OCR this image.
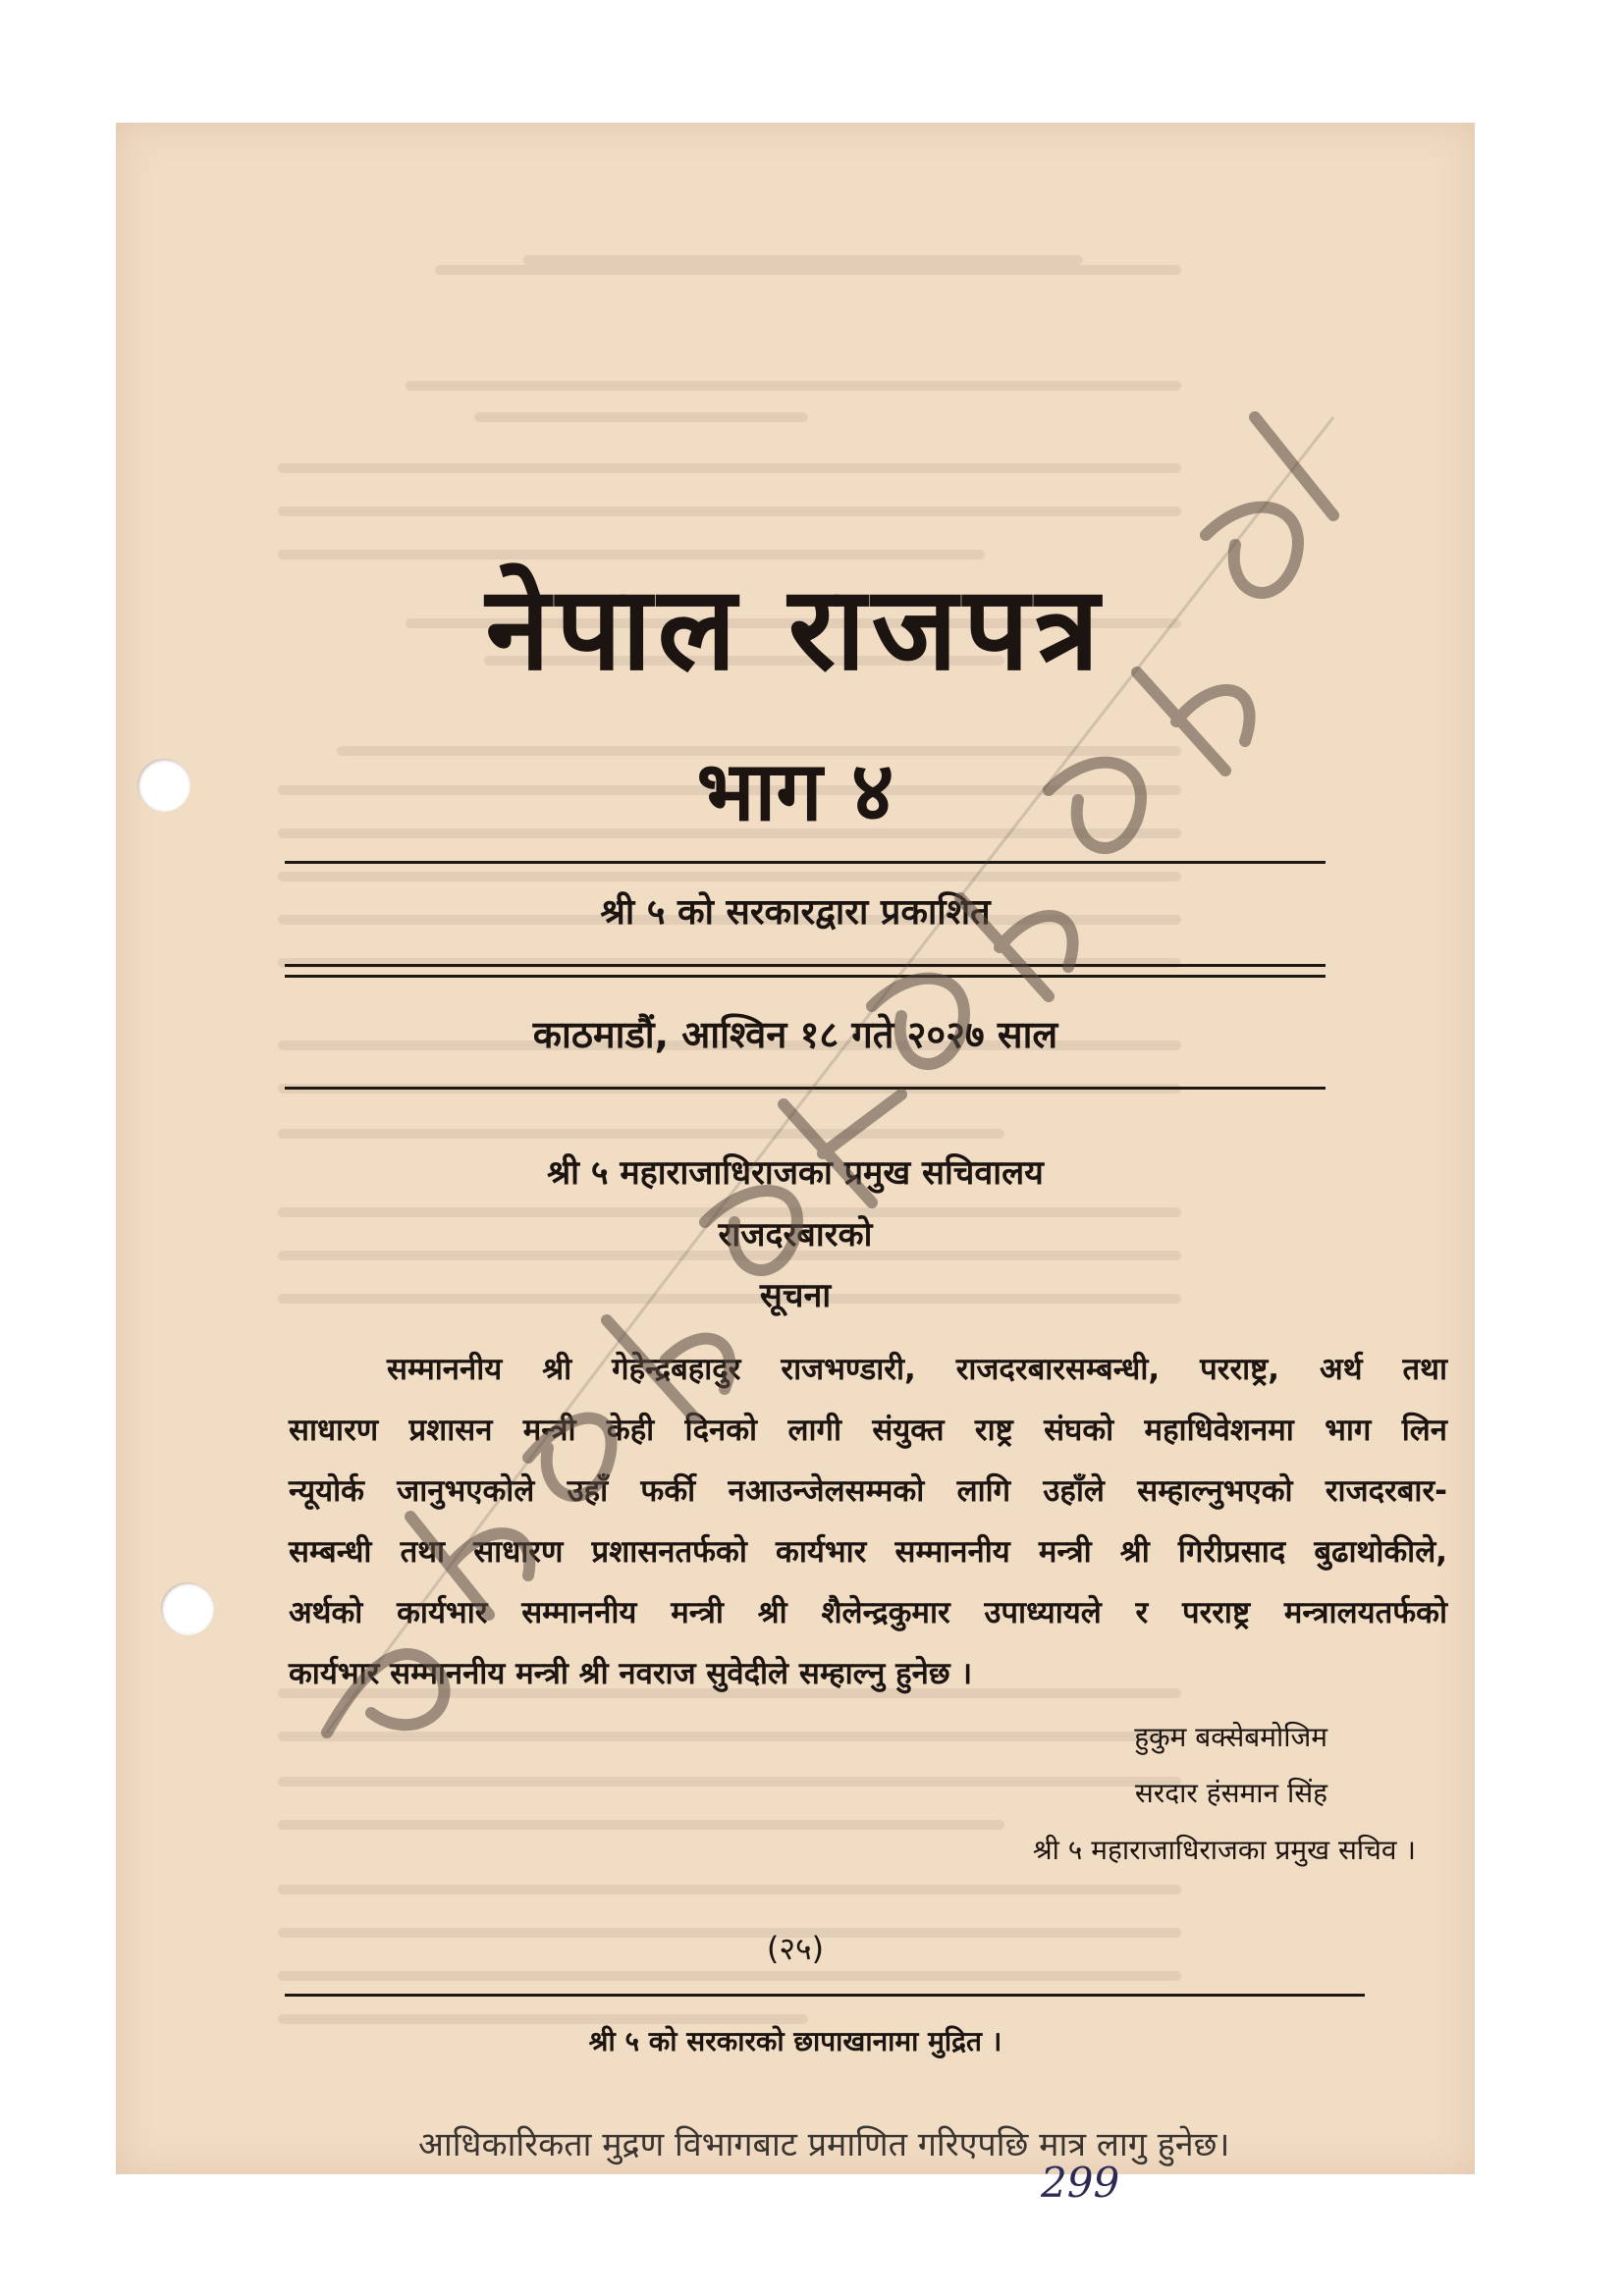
नेपाल राजपत्र
भाग ४
श्री ५ को सरकारद्वारा प्रकाशित
काठमाडौं, आश्विन १८ गते २०२७ साल
श्री ५ महाराजाधिराजका प्रमुख सचिवालय
राजदरबारको
सूचना
सम्माननीय श्री गेहेन्द्रबहादुर राजभण्डारी, राजदरबारसम्बन्धी, परराष्ट्र, अर्थ तथा
साधारण प्रशासन मन्त्री केही दिनको लागी संयुक्त राष्ट्र संघको महाधिवेशनमा भाग लिन
न्यूयोर्क जानुभएकोले उहाँ फर्की नआउन्जेलसम्मको लागि उहाँले सम्हाल्नुभएको राजदरबार-
सम्बन्धी तथा साधारण प्रशासनतर्फको कार्यभार सम्माननीय मन्त्री श्री गिरीप्रसाद बुढाथोकीले,
अर्थको कार्यभार सम्माननीय मन्त्री श्री शैलेन्द्रकुमार उपाध्यायले र परराष्ट्र मन्त्रालयतर्फको
कार्यभार सम्माननीय मन्त्री श्री नवराज सुवेदीले सम्हाल्नु हुनेछ ।
हुकुम बक्सेबमोजिम
सरदार हंसमान सिंह
श्री ५ महाराजाधिराजका प्रमुख सचिव ।
(२५)
श्री ५ को सरकारको छापाखानामा मुद्रित ।
आधिकारिकता मुद्रण विभागबाट प्रमाणित गरिएपछि मात्र लागु हुनेछ।
299
